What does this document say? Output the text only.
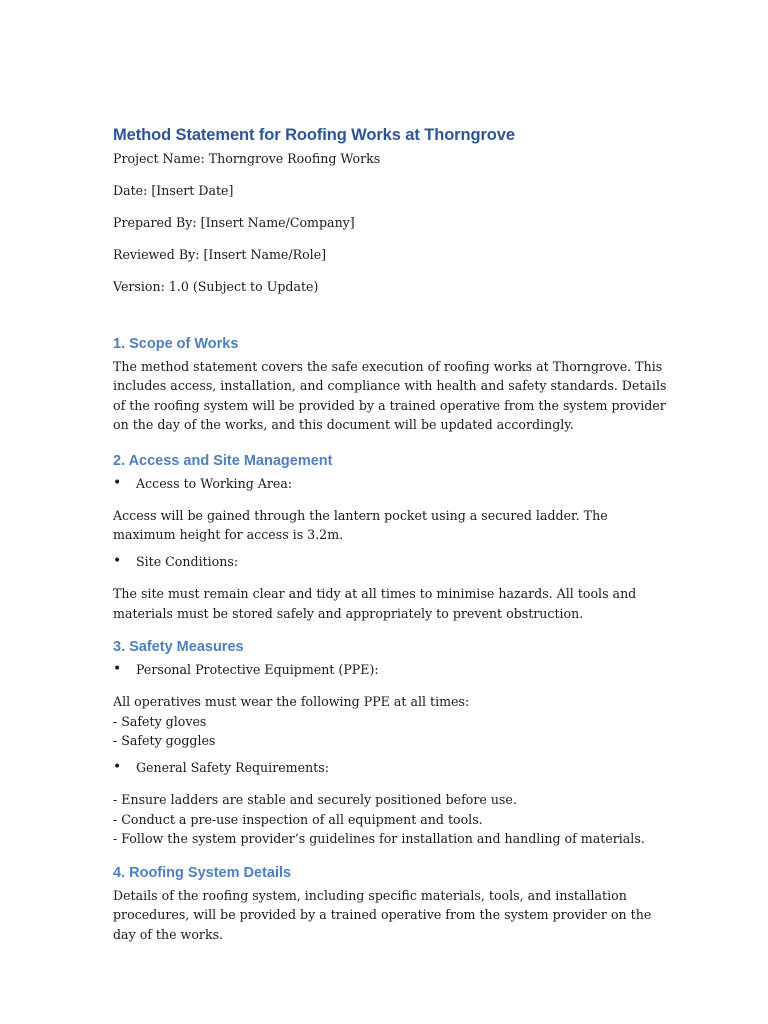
Method Statement for Roofing Works at Thorngrove

Project Name: Thorngrove Roofing Works

Date: [Insert Date]

Prepared By: [Insert Name/Company]

Reviewed By: [Insert Name/Role]

Version: 1.0 (Subject to Update)

1. Scope of Works

The method statement covers the safe execution of roofing works at Thorngrove. This includes access, installation, and compliance with health and safety standards. Details of the roofing system will be provided by a trained operative from the system provider on the day of the works, and this document will be updated accordingly.

2. Access and Site Management
• Access to Working Area:

Access will be gained through the lantern pocket using a secured ladder. The maximum height for access is 3.2m.

• Site Conditions:

The site must remain clear and tidy at all times to minimise hazards. All tools and materials must be stored safely and appropriately to prevent obstruction.

3. Safety Measures
• Personal Protective Equipment (PPE):

All operatives must wear the following PPE at all times:
- Safety gloves
- Safety goggles

• General Safety Requirements:

- Ensure ladders are stable and securely positioned before use.
- Conduct a pre-use inspection of all equipment and tools.
- Follow the system provider’s guidelines for installation and handling of materials.

4. Roofing System Details

Details of the roofing system, including specific materials, tools, and installation procedures, will be provided by a trained operative from the system provider on the day of the works.
